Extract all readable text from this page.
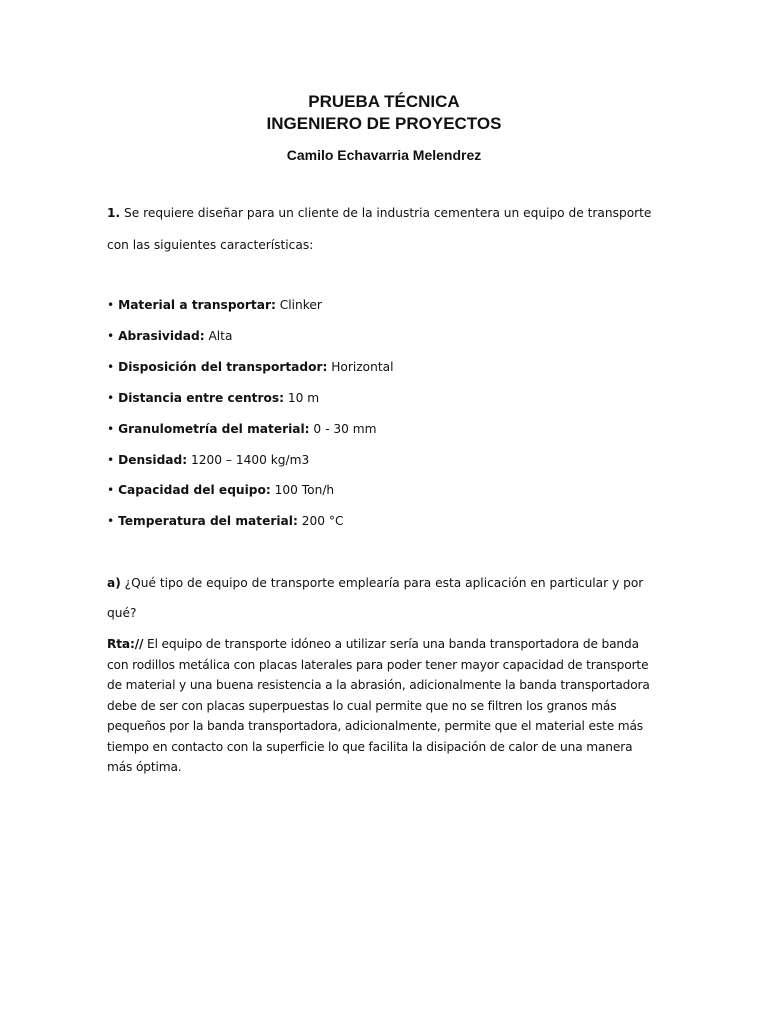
PRUEBA TÉCNICA
INGENIERO DE PROYECTOS
Camilo Echavarria Melendrez
1. Se requiere diseñar para un cliente de la industria cementera un equipo de transporte
con las siguientes características:
• Material a transportar: Clinker
• Abrasividad: Alta
• Disposición del transportador: Horizontal
• Distancia entre centros: 10 m
• Granulometría del material: 0 - 30 mm
• Densidad: 1200 – 1400 kg/m3
• Capacidad del equipo: 100 Ton/h
• Temperatura del material: 200 °C
a) ¿Qué tipo de equipo de transporte emplearía para esta aplicación en particular y por
qué?
Rta:// El equipo de transporte idóneo a utilizar sería una banda transportadora de banda
con rodillos metálica con placas laterales para poder tener mayor capacidad de transporte
de material y una buena resistencia a la abrasión, adicionalmente la banda transportadora
debe de ser con placas superpuestas lo cual permite que no se filtren los granos más
pequeños por la banda transportadora, adicionalmente, permite que el material este más
tiempo en contacto con la superficie lo que facilita la disipación de calor de una manera
más óptima.
